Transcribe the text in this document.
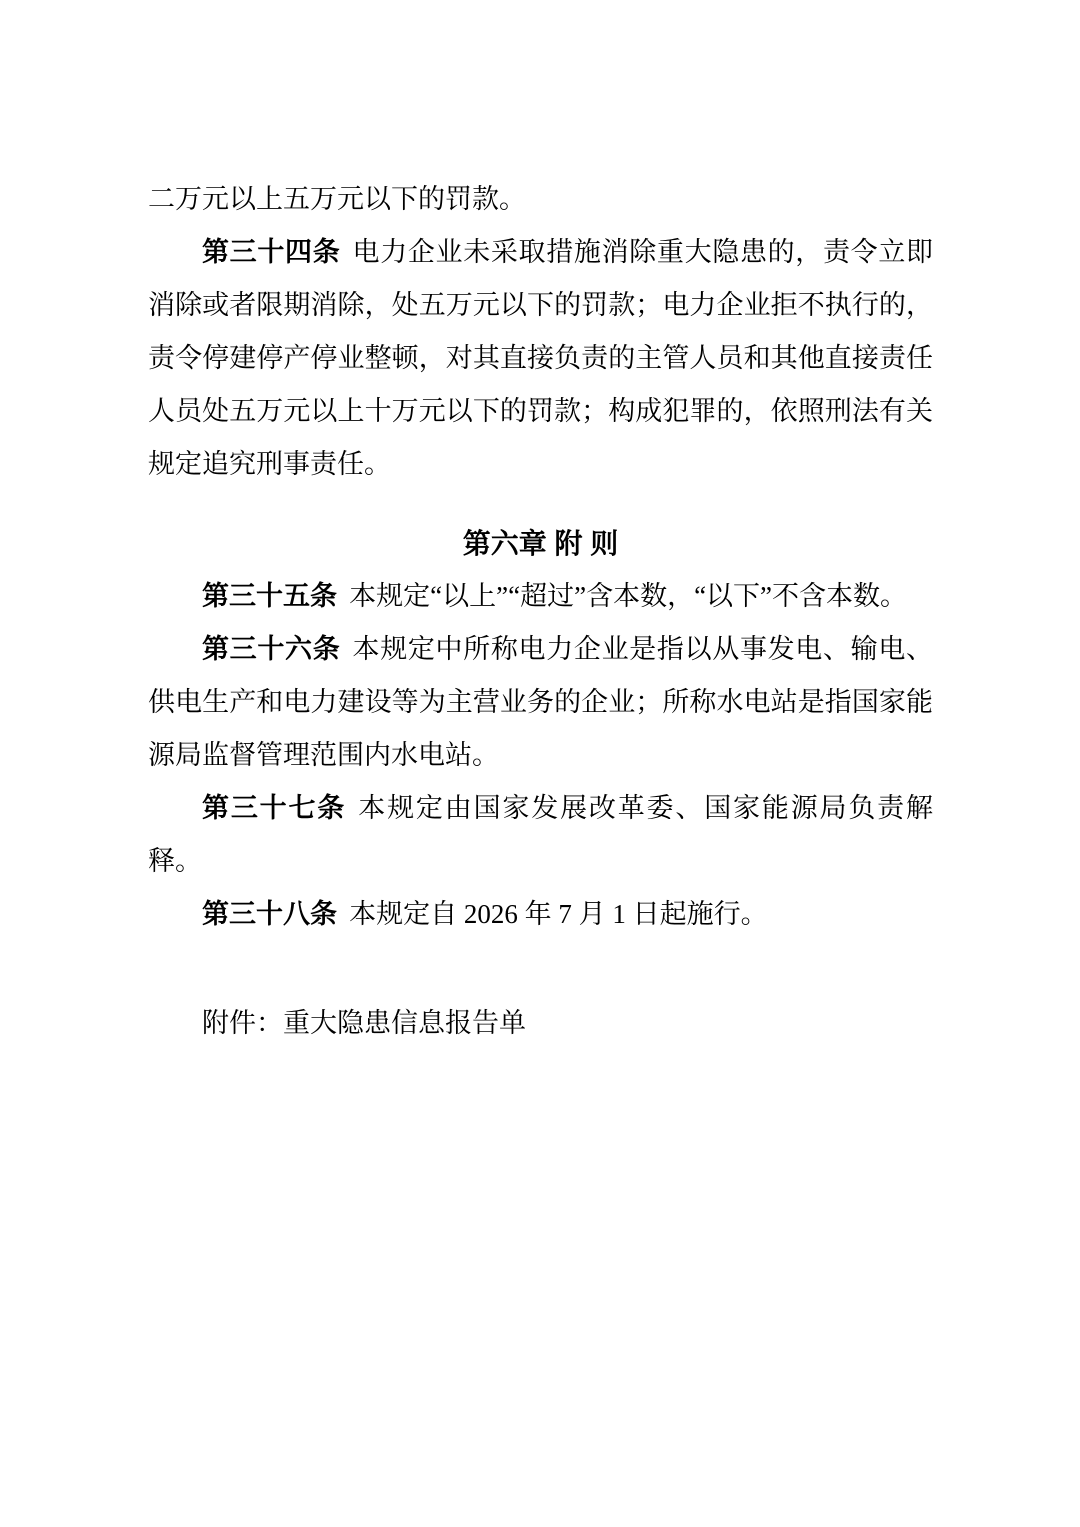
二万元以上五万元以下的罚款。

第三十四条 电力企业未采取措施消除重大隐患的，责令立即消除或者限期消除，处五万元以下的罚款；电力企业拒不执行的，责令停建停产停业整顿，对其直接负责的主管人员和其他直接责任人员处五万元以上十万元以下的罚款；构成犯罪的，依照刑法有关规定追究刑事责任。

第六章 附 则

第三十五条 本规定“以上”“超过”含本数，“以下”不含本数。

第三十六条 本规定中所称电力企业是指以从事发电、输电、供电生产和电力建设等为主营业务的企业；所称水电站是指国家能源局监督管理范围内水电站。

第三十七条 本规定由国家发展改革委、国家能源局负责解释。

第三十八条 本规定自 2026 年 7 月 1 日起施行。

附件：重大隐患信息报告单
